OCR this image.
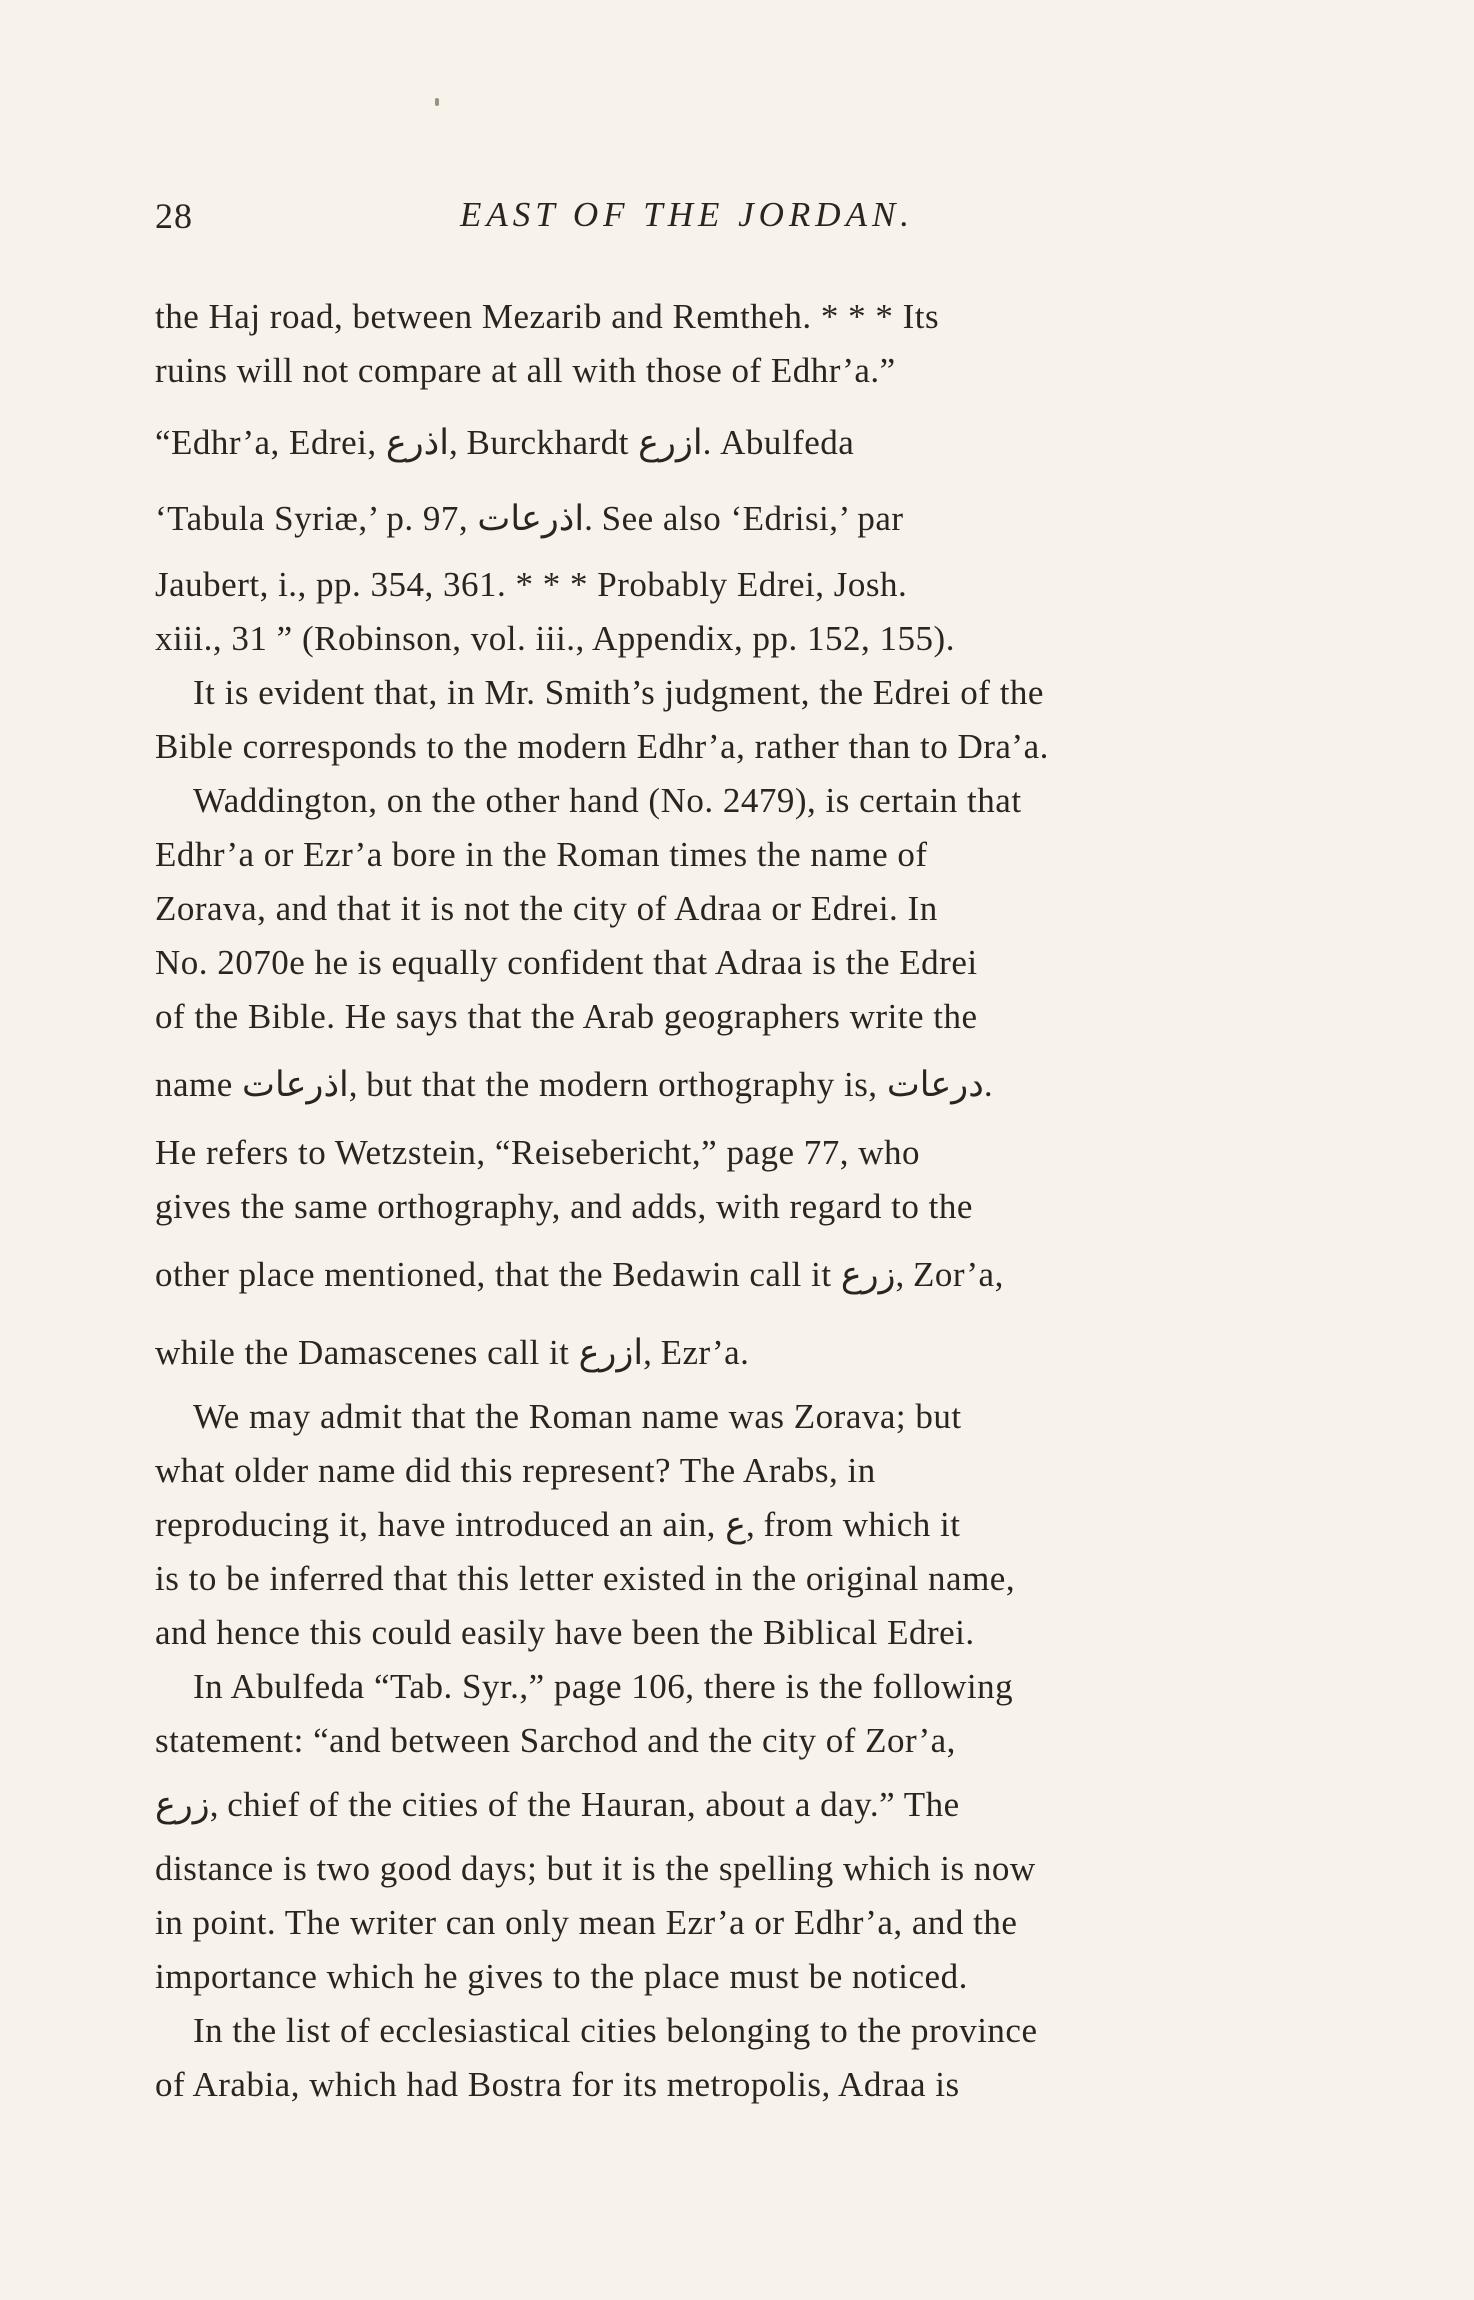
28	EAST OF THE JORDAN.
the Haj road, between Mezarib and Remtheh. * * * Its
ruins will not compare at all with those of Edhr’a.”
“Edhr’a, Edrei, ﺍﺫﺭﻉ, Burckhardt ﺍﺯﺭﻉ. Abulfeda
‘Tabula Syriæ,’ p. 97, ﺍﺫﺭﻋﺎﺕ. See also ‘Edrisi,’ par
Jaubert, i., pp. 354, 361. * * * Probably Edrei, Josh.
xiii., 31 ” (Robinson, vol. iii., Appendix, pp. 152, 155).
It is evident that, in Mr. Smith’s judgment, the Edrei of the
Bible corresponds to the modern Edhr’a, rather than to Dra’a.
Waddington, on the other hand (No. 2479), is certain that
Edhr’a or Ezr’a bore in the Roman times the name of
Zorava, and that it is not the city of Adraa or Edrei. In
No. 2070e he is equally confident that Adraa is the Edrei
of the Bible. He says that the Arab geographers write the
name ﺍﺫﺭﻋﺎﺕ, but that the modern orthography is, ﺩﺭﻋﺎﺕ.
He refers to Wetzstein, “Reisebericht,” page 77, who
gives the same orthography, and adds, with regard to the
other place mentioned, that the Bedawin call it ﺯﺭﻉ, Zor’a,
while the Damascenes call it ﺍﺯﺭﻉ, Ezr’a.
We may admit that the Roman name was Zorava; but
what older name did this represent? The Arabs, in
reproducing it, have introduced an ain, ﻉ, from which it
is to be inferred that this letter existed in the original name,
and hence this could easily have been the Biblical Edrei.
In Abulfeda “Tab. Syr.,” page 106, there is the following
statement: “and between Sarchod and the city of Zor’a,
ﺯﺭﻉ, chief of the cities of the Hauran, about a day.” The
distance is two good days; but it is the spelling which is now
in point. The writer can only mean Ezr’a or Edhr’a, and the
importance which he gives to the place must be noticed.
In the list of ecclesiastical cities belonging to the province
of Arabia, which had Bostra for its metropolis, Adraa is
